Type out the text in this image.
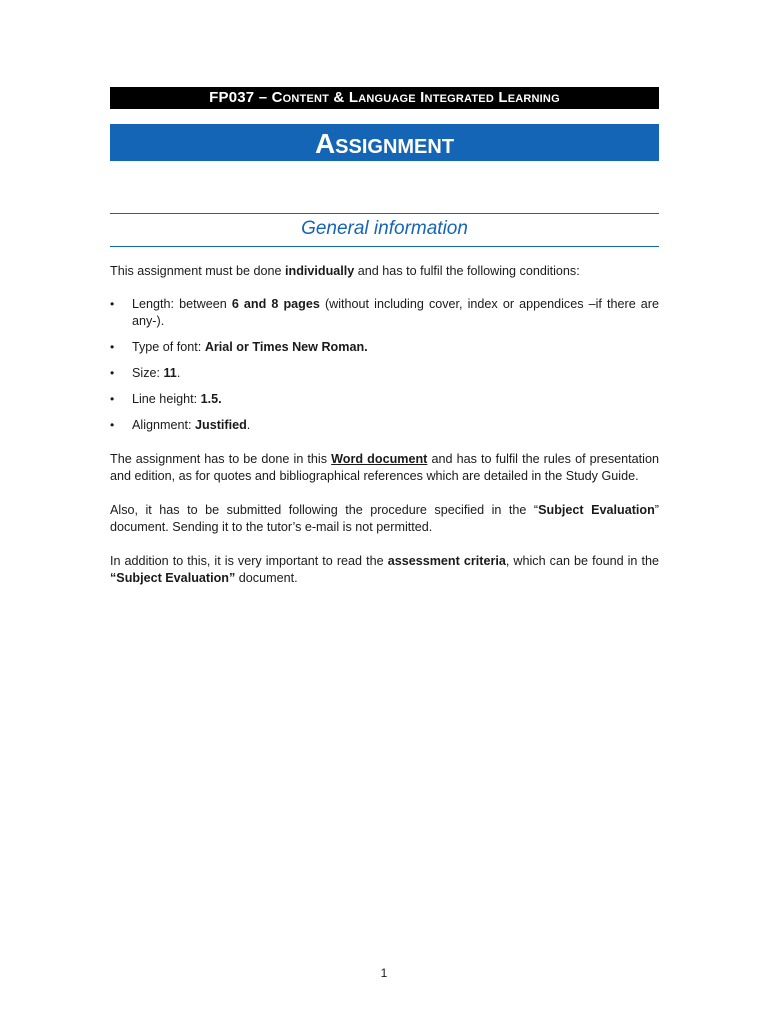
FP037 – Content & Language Integrated Learning
Assignment
General information

This assignment must be done individually and has to fulfil the following conditions:

• Length: between 6 and 8 pages (without including cover, index or appendices –if there are any-).
• Type of font: Arial or Times New Roman.
• Size: 11.
• Line height: 1.5.
• Alignment: Justified.

The assignment has to be done in this Word document and has to fulfil the rules of presentation and edition, as for quotes and bibliographical references which are detailed in the Study Guide.

Also, it has to be submitted following the procedure specified in the “Subject Evaluation” document. Sending it to the tutor’s e-mail is not permitted.

In addition to this, it is very important to read the assessment criteria, which can be found in the “Subject Evaluation” document.

1
